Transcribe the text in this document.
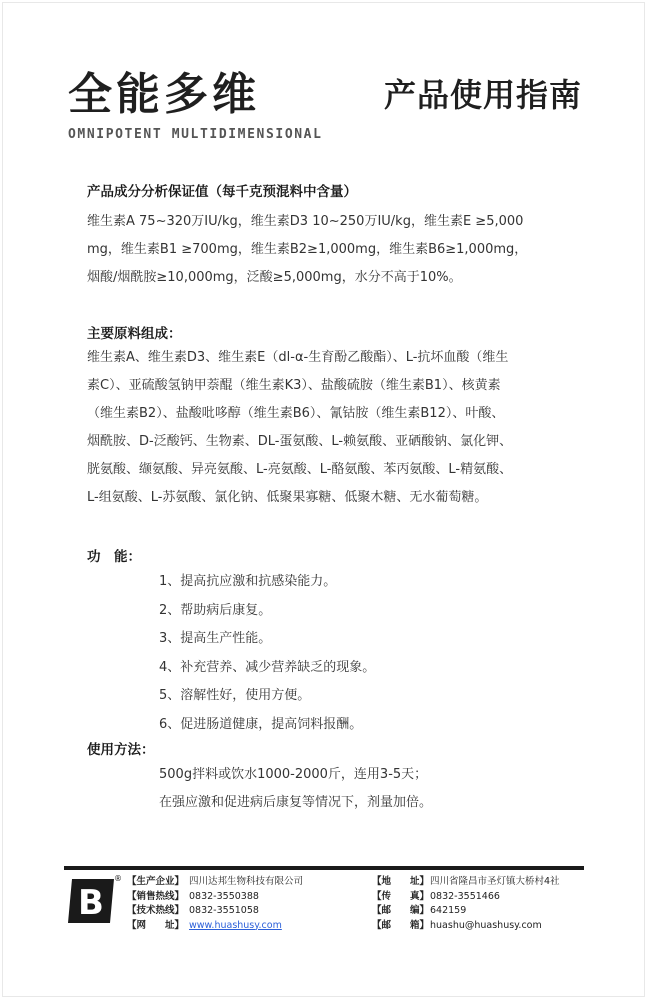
全能多维	产品使用指南
OMNIPOTENT MULTIDIMENSIONAL
产品成分分析保证值（每千克预混料中含量）
维生素A 75~320万IU/kg，维生素D3 10~250万IU/kg，维生素E ≥5,000
mg，维生素B1 ≥700mg，维生素B2≥1,000mg，维生素B6≥1,000mg，
烟酸/烟酰胺≥10,000mg，泛酸≥5,000mg，水分不高于10%。
主要原料组成：
维生素A、维生素D3、维生素E（dl-α-生育酚乙酸酯）、L-抗坏血酸（维生
素C）、亚硫酸氢钠甲萘醌（维生素K3）、盐酸硫胺（维生素B1）、核黄素
（维生素B2）、盐酸吡哆醇（维生素B6）、氰钴胺（维生素B12）、叶酸、
烟酰胺、D-泛酸钙、生物素、DL-蛋氨酸、L-赖氨酸、亚硒酸钠、氯化钾、
胱氨酸、缬氨酸、异亮氨酸、L-亮氨酸、L-酪氨酸、苯丙氨酸、L-精氨酸、
L-组氨酸、L-苏氨酸、氯化钠、低聚果寡糖、低聚木糖、无水葡萄糖。
功　能：
1、提高抗应激和抗感染能力。
2、帮助病后康复。
3、提高生产性能。
4、补充营养、减少营养缺乏的现象。
5、溶解性好，使用方便。
6、促进肠道健康，提高饲料报酬。
使用方法：
500g拌料或饮水1000-2000斤，连用3-5天；
在强应激和促进病后康复等情况下，剂量加倍。
B
® 【生产企业】 四川达邦生物科技有限公司
【销售热线】 0832-3550388
【技术热线】 0832-3551058
【网　　址】 www.huashusy.com
【地　　址】 四川省隆昌市圣灯镇大桥村4社
【传　　真】 0832-3551466
【邮　　编】 642159
【邮　　箱】 huashu@huashusy.com
